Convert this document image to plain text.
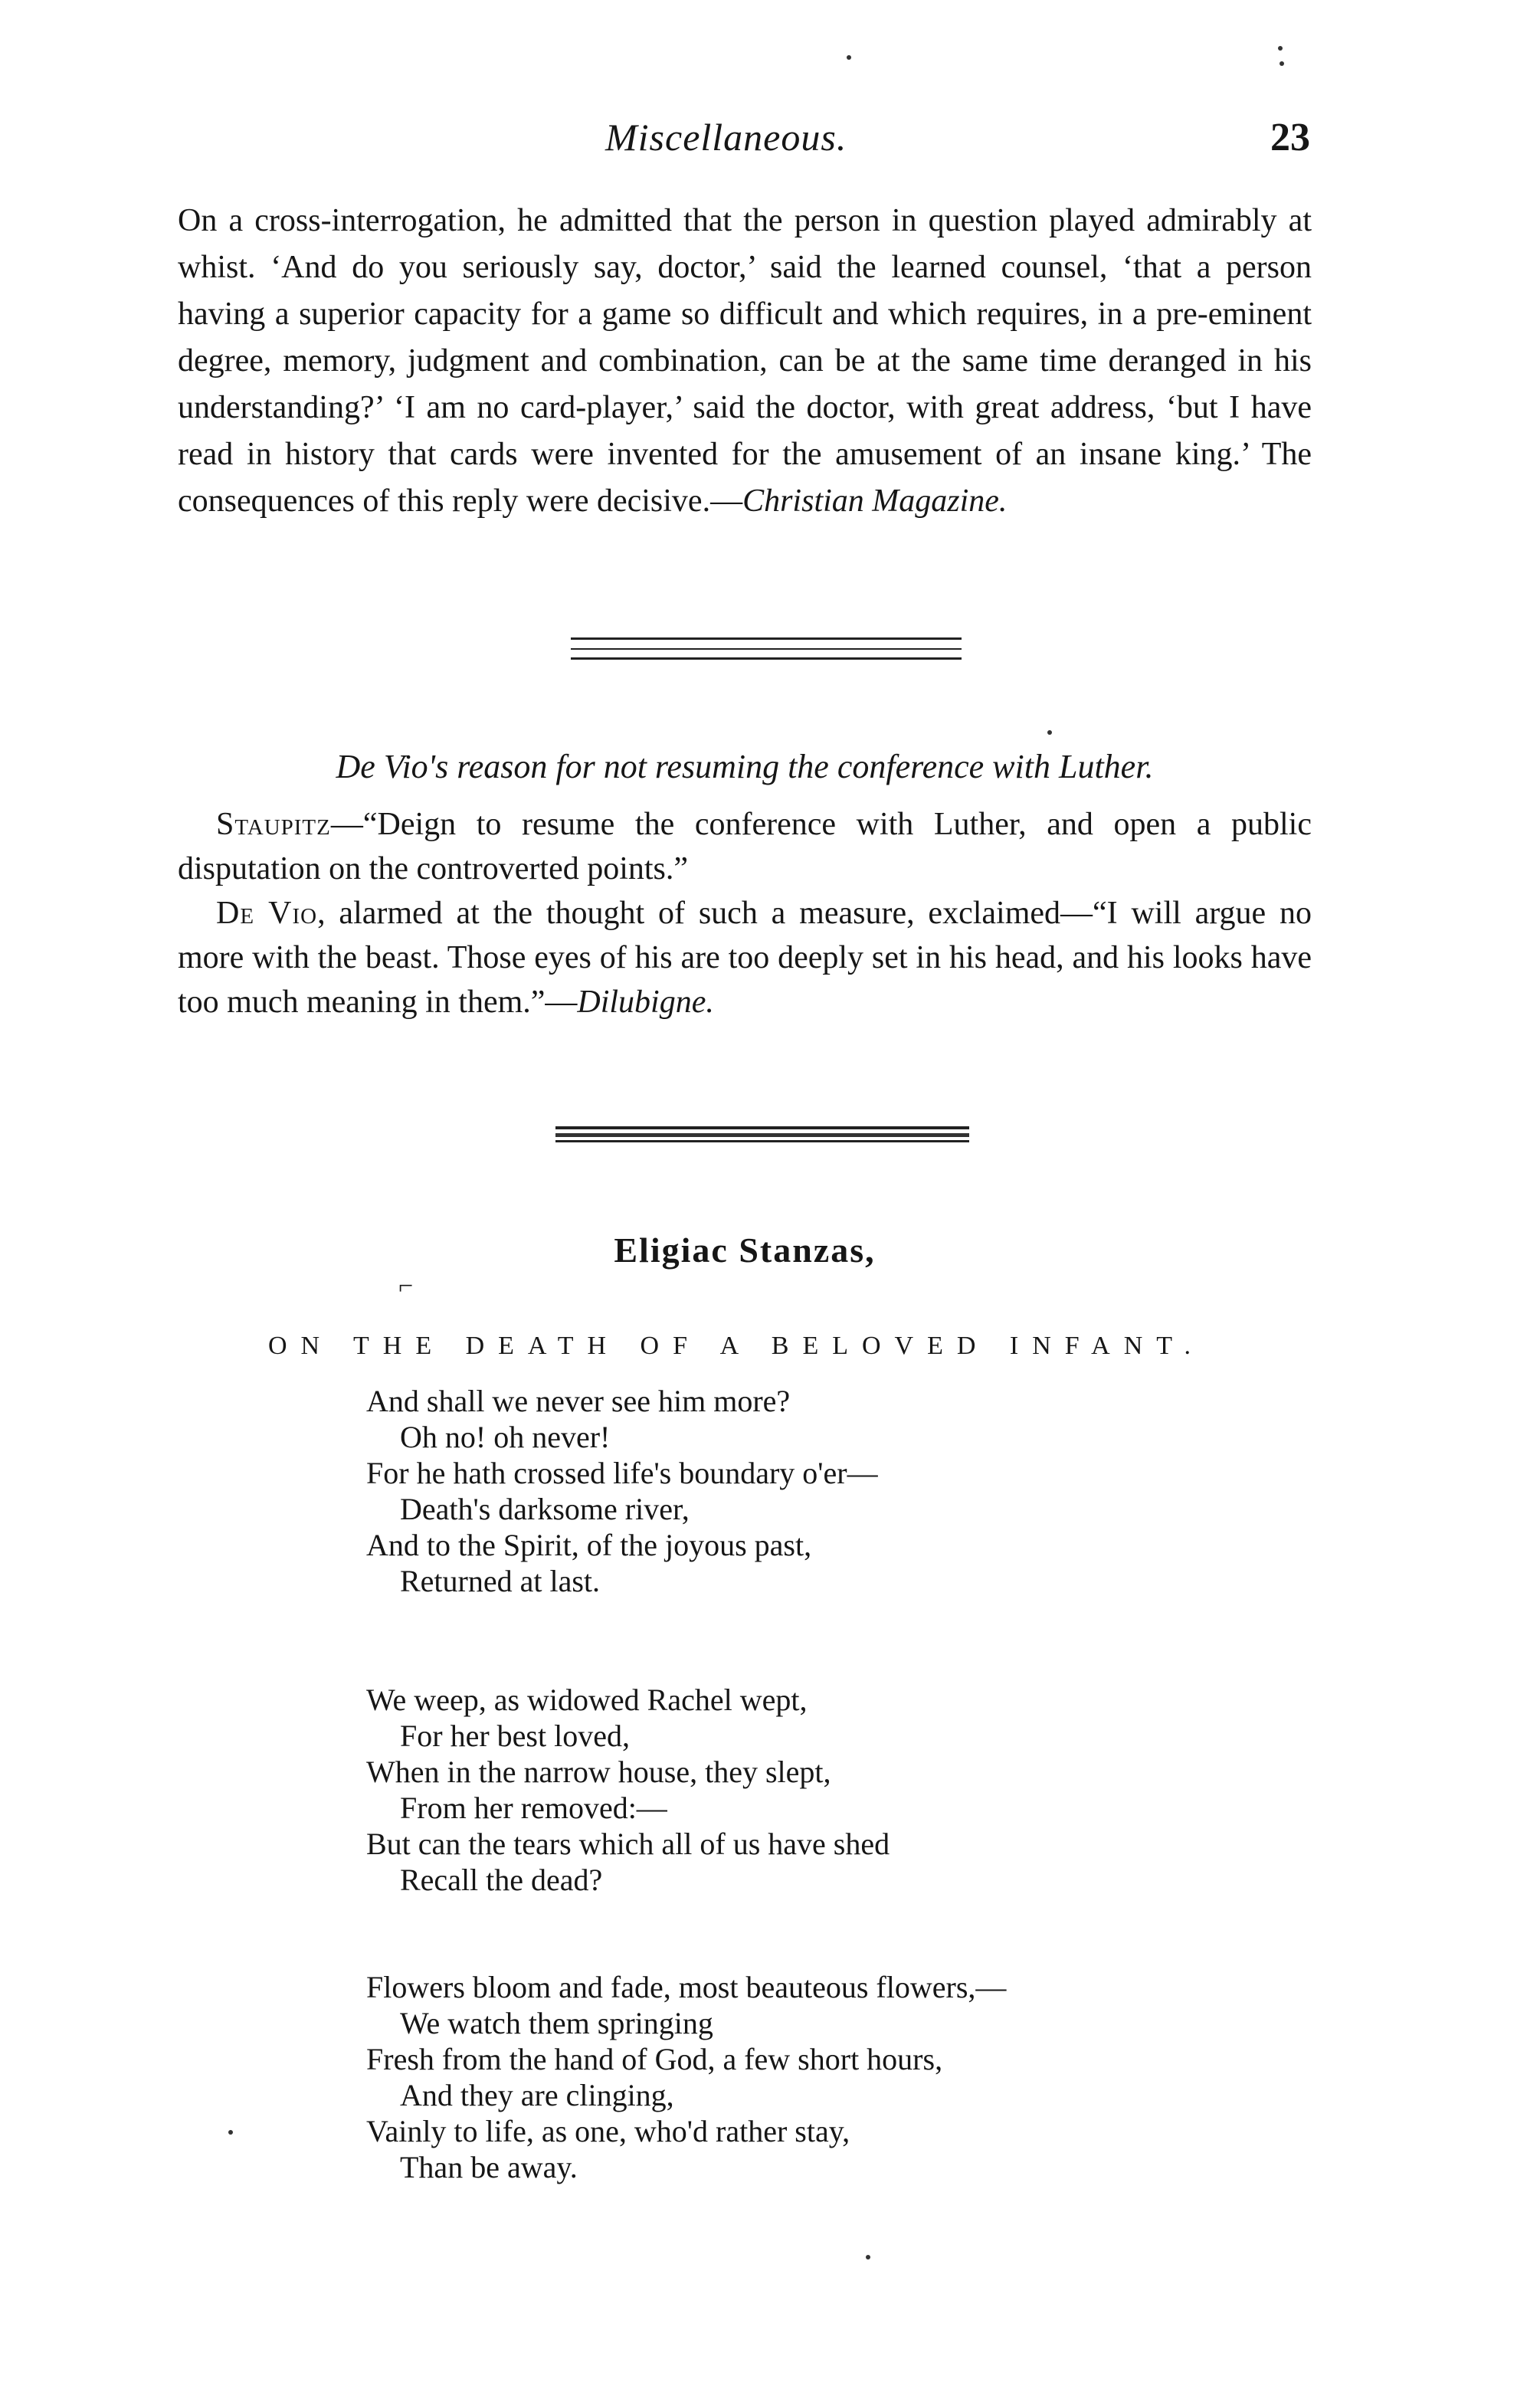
Miscellaneous.	23

On a cross-interrogation, he admitted that the person in question played admirably at whist. ‘And do you seriously say, doctor,’ said the learned counsel, ‘that a person having a superior capacity for a game so difficult and which requires, in a pre-eminent degree, memory, judgment and combination, can be at the same time deranged in his understanding?’ ‘I am no card-player,’ said the doctor, with great address, ‘but I have read in history that cards were invented for the amusement of an insane king.’ The consequences of this reply were decisive.—Christian Magazine.

De Vio's reason for not resuming the conference with Luther.

Staupitz—“Deign to resume the conference with Luther, and open a public disputation on the controverted points.”

De Vio, alarmed at the thought of such a measure, exclaimed—“I will argue no more with the beast. Those eyes of his are too deeply set in his head, and his looks have too much meaning in them.”—Dilubigne.

Eligiac Stanzas,
⌐
ON THE DEATH OF A BELOVED INFANT.
And shall we never see him more?
Oh no! oh never!
For he hath crossed life's boundary o'er—
Death's darksome river,
And to the Spirit, of the joyous past,
Returned at last.
We weep, as widowed Rachel wept,
For her best loved,
When in the narrow house, they slept,
From her removed:—
But can the tears which all of us have shed
Recall the dead?
Flowers bloom and fade, most beauteous flowers,—
We watch them springing
Fresh from the hand of God, a few short hours,
And they are clinging,
Vainly to life, as one, who'd rather stay,
Than be away.
